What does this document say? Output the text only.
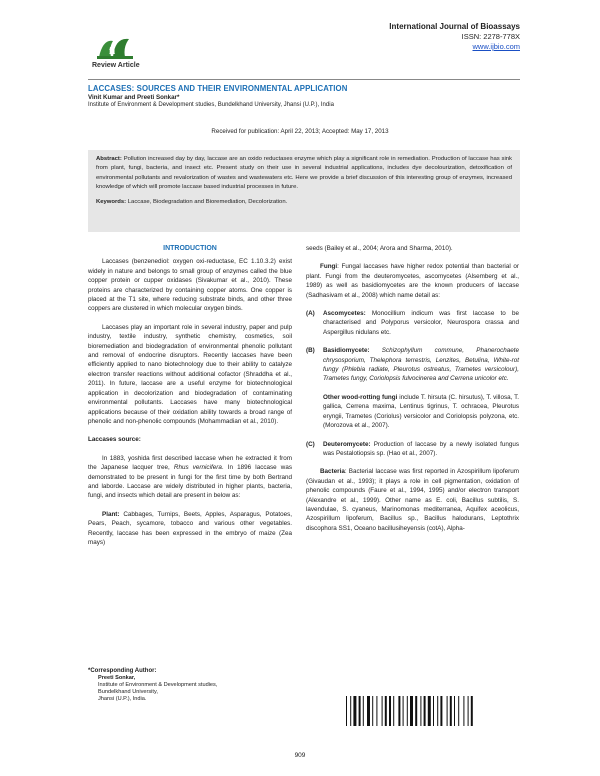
fi
Review Article
International Journal of Bioassays
ISSN: 2278-778X
www.ijbio.com
LACCASES: SOURCES AND THEIR ENVIRONMENTAL APPLICATION
Vinit Kumar and Preeti Sonkar*
Institute of Environment & Development studies, Bundelkhand University, Jhansi (U.P.), India
Received for publication: April 22, 2013; Accepted: May 17, 2013
Abstract: Pollution increased day by day, laccase are an oxido reductases enzyme which play a significant role in remediation. Production of laccase has sink from plant, fungi, bacteria, and insect etc. Present study on their use in several industrial applications, includes dye decolourization, detoxification of environmental pollutants and revalorization of wastes and wastewaters etc. Here we provide a brief discussion of this interesting group of enzymes, increased knowledge of which will promote laccase based industrial processes in future.
Keywords: Laccase, Biodegradation and Bioremediation, Decolorization.
INTRODUCTION

Laccases (benzenediol: oxygen oxi-reductase, EC 1.10.3.2) exist widely in nature and belongs to small group of enzymes called the blue copper protein or cupper oxidases (Sivakumar et al., 2010). These proteins are characterized by containing copper atoms. One copper is placed at the T1 site, where reducing substrate binds, and other three coppers are clustered in which molecular oxygen binds.

Laccases play an important role in several industry, paper and pulp industry, textile industry, synthetic chemistry, cosmetics, soil bioremediation and biodegradation of environmental phenolic pollutant and removal of endocrine disruptors. Recently laccases have been efficiently applied to nano biotechnology due to their ability to catalyze electron transfer reactions without additional cofactor (Shraddha et al., 2011). In future, laccase are a useful enzyme for biotechnological application in decolorization and biodegradation of contaminating environmental pollutants. Laccases have many biotechnological applications because of their oxidation ability towards a broad range of phenolic and non-phenolic compounds (Mohammadian et al., 2010).

Laccases source:

In 1883, yoshida first described laccase when he extracted it from the Japanese lacquer tree, Rhus vernicifera. In 1896 laccase was demonstrated to be present in fungi for the first time by both Bertrand and laborde. Laccase are widely distributed in higher plants, bacteria, fungi, and insects which detail are present in below as:

Plant: Cabbages, Turnips, Beets, Apples, Asparagus, Potatoes, Pears, Peach, sycamore, tobacco and various other vegetables. Recently, laccase has been expressed in the embryo of maize (Zea mays)

seeds (Bailey et al., 2004; Arora and Sharma, 2010).

Fungi: Fungal laccases have higher redox potential than bacterial or plant. Fungi from the deuteromycetes, ascomycetes (Alsemberg et al., 1989) as well as basidiomycetes are the known producers of laccase (Sadhasivam et al., 2008) which name detail as:

(A)	Ascomycetes: Monocillium indicum was first laccase to be characterised and Polyporus versicolor, Neurospora crassa and Aspergillus nidulans etc.
(B)	Basidiomycete: Schizophyllum commune, Phanerochaete chrysosporium, Thelephora terrestris, Lenzites, Betulina, White-rot fungy (Phlebia radiate, Pleurotus ostreatus, Trametes versicolour), Trametes fungy, Coriolopsis fulvocinerea and Cerrena unicolor etc.
Other wood-rotting fungi include T. hirsuta (C. hirsutus), T. villosa, T. gallica, Cerrena maxima, Lentinus tigrinus, T. ochracea, Pleurotus eryngii, Trametes (Coriolus) versicolor and Coriolopsis polyzona, etc. (Morozova et al., 2007).
(C)	Deuteromycete: Production of laccase by a newly isolated fungus was Pestalotiopsis sp. (Hao et al., 2007).

Bacteria: Bacterial laccase was first reported in Azospirillum lipoferum (Givaudan et al., 1993); it plays a role in cell pigmentation, oxidation of phenolic compounds (Faure et al., 1994, 1995) and/or electron transport (Alexandre et al., 1999). Other name as E. coli, Bacillus subtilis, S. lavendulae, S. cyaneus, Marinomonas mediterranea, Aquifex aceolicus, Azospirillum lipoferum, Bacillus sp., Bacillus halodurans, Leptothrix discophora SS1, Oceano bacillusiheyensis (cotA), Alpha-

*Corresponding Author:
Preeti Sonkar,
Institute of Environment & Development studies,
Bundelkhand University,
Jhansi (U.P.), India.
909
